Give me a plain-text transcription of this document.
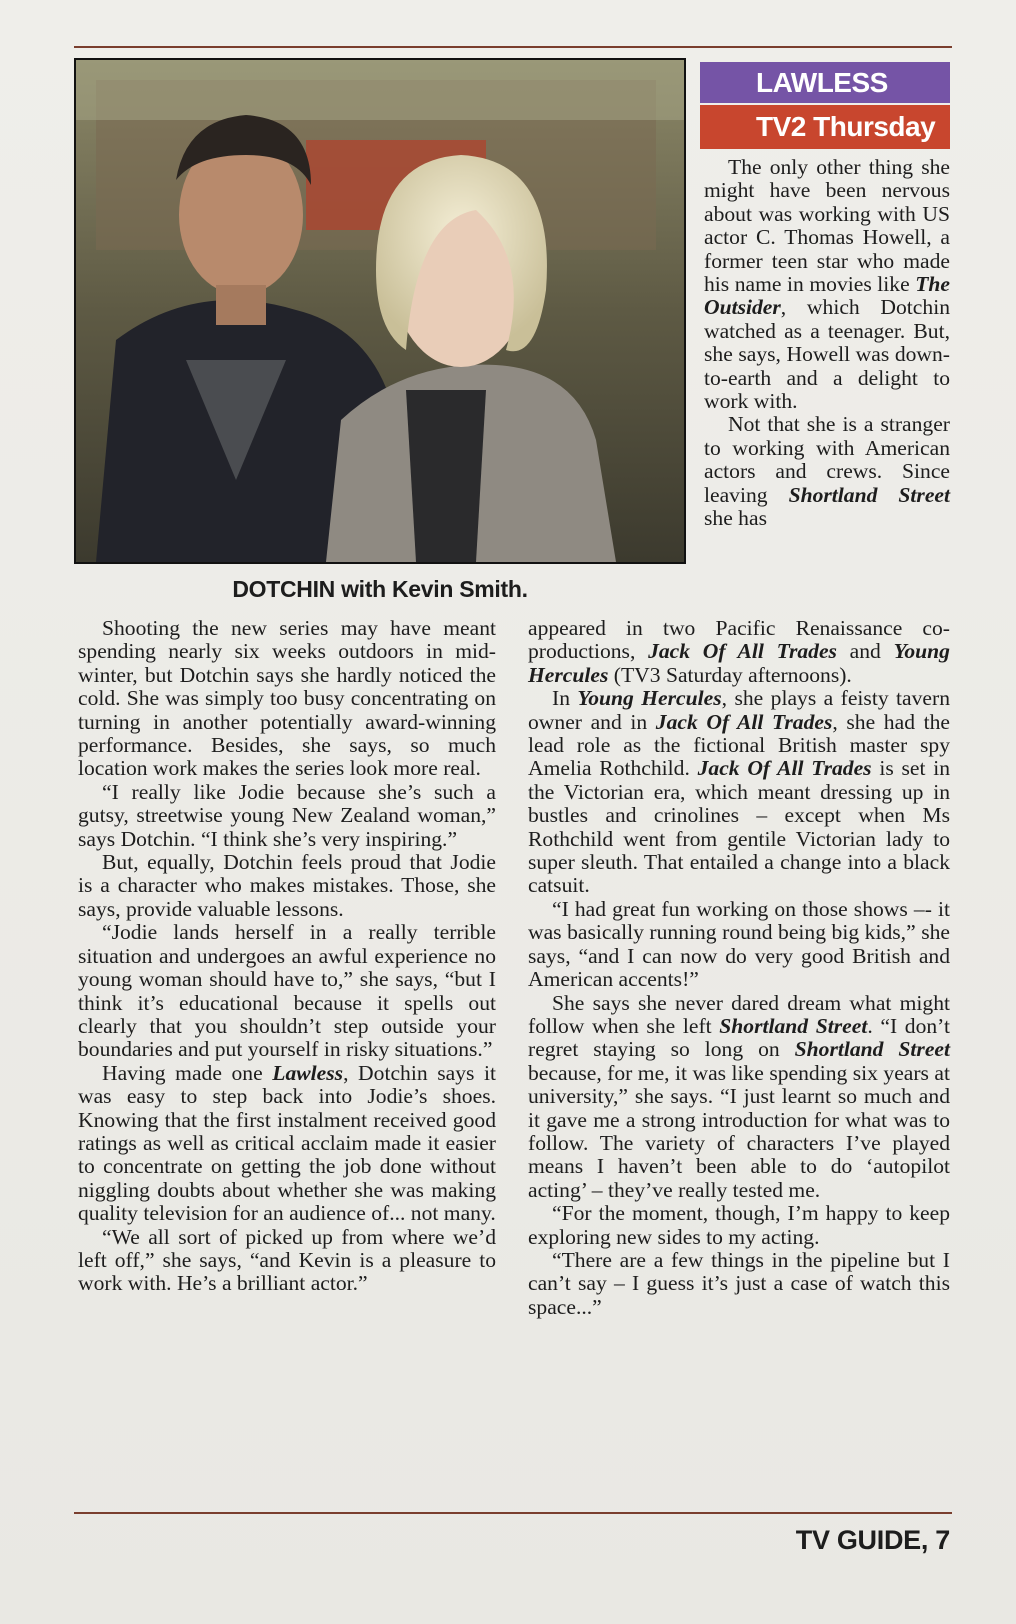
DOTCHIN with Kevin Smith.
LAWLESS
TV2 Thursday

The only other thing she might have been nervous about was working with US actor C. Thomas Howell, a former teen star who made his name in movies like The Outsider, which Dotchin watched as a teenager. But, she says, Howell was down-to-earth and a delight to work with.

Not that she is a stranger to working with American actors and crews. Since leaving Shortland Street she has

Shooting the new series may have meant spending nearly six weeks outdoors in mid-winter, but Dotchin says she hardly noticed the cold. She was simply too busy concentrating on turning in another potentially award-winning performance. Besides, she says, so much location work makes the series look more real.

“I really like Jodie because she’s such a gutsy, streetwise young New Zealand woman,” says Dotchin. “I think she’s very inspiring.”

But, equally, Dotchin feels proud that Jodie is a character who makes mistakes. Those, she says, provide valuable lessons.

“Jodie lands herself in a really terrible situation and undergoes an awful experience no young woman should have to,” she says, “but I think it’s educational because it spells out clearly that you shouldn’t step outside your boundaries and put yourself in risky situations.”

Having made one Lawless, Dotchin says it was easy to step back into Jodie’s shoes. Knowing that the first instalment received good ratings as well as critical acclaim made it easier to concentrate on getting the job done without niggling doubts about whether she was making quality television for an audience of... not many.

“We all sort of picked up from where we’d left off,” she says, “and Kevin is a pleasure to work with. He’s a brilliant actor.”

appeared in two Pacific Renaissance co-productions, Jack Of All Trades and Young Hercules (TV3 Saturday afternoons).

In Young Hercules, she plays a feisty tavern owner and in Jack Of All Trades, she had the lead role as the fictional British master spy Amelia Rothchild. Jack Of All Trades is set in the Victorian era, which meant dressing up in bustles and crinolines – except when Ms Rothchild went from gentile Victorian lady to super sleuth. That entailed a change into a black catsuit.

“I had great fun working on those shows –- it was basically running round being big kids,” she says, “and I can now do very good British and American accents!”

She says she never dared dream what might follow when she left Shortland Street. “I don’t regret staying so long on Shortland Street because, for me, it was like spending six years at university,” she says. “I just learnt so much and it gave me a strong introduction for what was to follow. The variety of characters I’ve played means I haven’t been able to do ‘autopilot acting’ – they’ve really tested me.

“For the moment, though, I’m happy to keep exploring new sides to my acting.

“There are a few things in the pipeline but I can’t say – I guess it’s just a case of watch this space...”

TV GUIDE, 7
